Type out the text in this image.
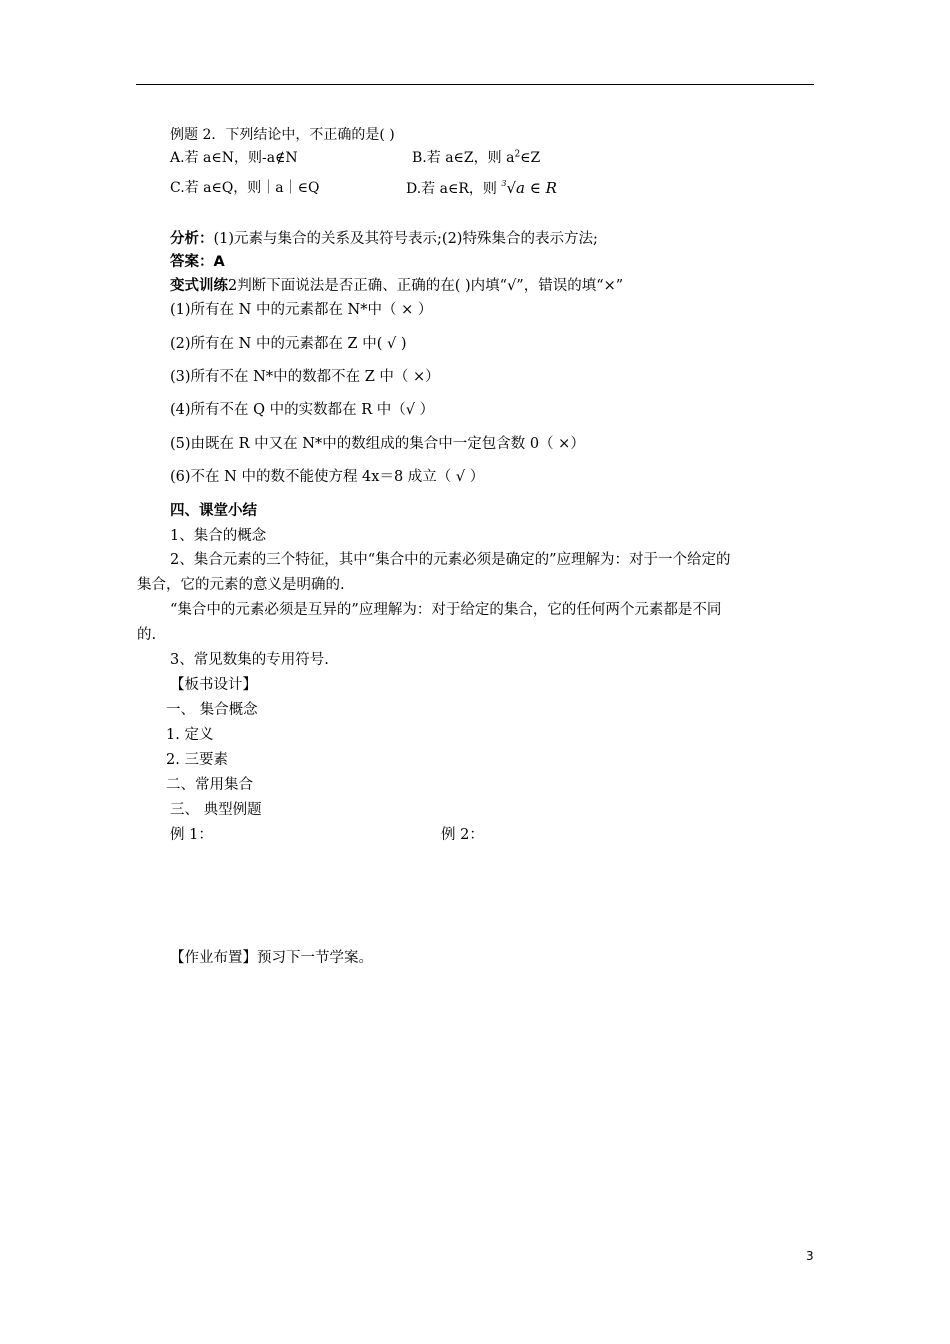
例题 2．下列结论中，不正确的是( )
A.若 a∈N，则-a∉N	B.若 a∈Z，则 $a^2\in Z$
C.若 a∈Q，则｜a｜∈Q	D.若 a∈R，则 $^3$√a ∈ R
分析：(1)元素与集合的关系及其符号表示;(2)特殊集合的表示方法;
答案：A
变式训练2判断下面说法是否正确、正确的在( )内填“√”，错误的填“×”
(1)所有在 N 中的元素都在 N*中（ × ）
(2)所有在 N 中的元素都在 Z 中( √ )
(3)所有不在 N*中的数都不在 Z 中（ ×）
(4)所有不在 Q 中的实数都在 R 中（√ ）
(5)由既在 R 中又在 N*中的数组成的集合中一定包含数 0（ ×）
(6)不在 N 中的数不能使方程 4x＝8 成立（ √ ）
四、课堂小结
1、集合的概念
2、集合元素的三个特征，其中“集合中的元素必须是确定的”应理解为：对于一个给定的
集合，它的元素的意义是明确的.
“集合中的元素必须是互异的”应理解为：对于给定的集合，它的任何两个元素都是不同
的.
3、常见数集的专用符号.
【板书设计】
一、 集合概念
1. 定义
2. 三要素
二、常用集合
三、 典型例题
例 1：	例 2：
【作业布置】预习下一节学案。
3
